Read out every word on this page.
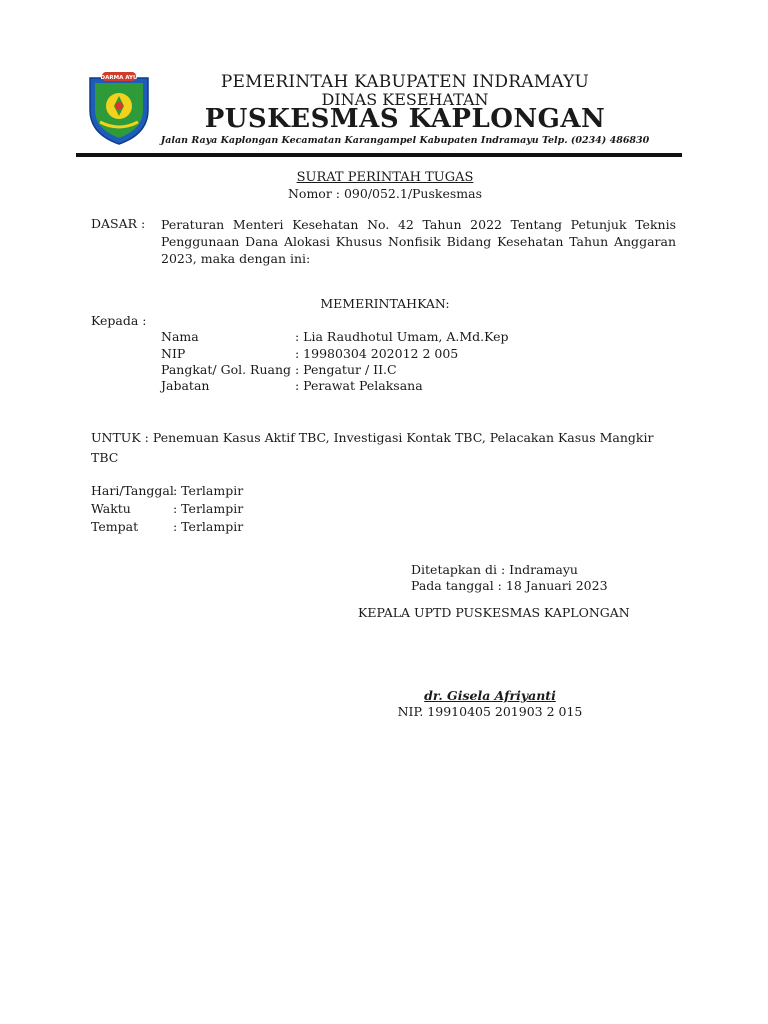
DARMA AYU	PEMERINTAH KABUPATEN INDRAMAYU
DINAS KESEHATAN
PUSKESMAS KAPLONGAN
Jalan Raya Kaplongan Kecamatan Karangampel Kabupaten Indramayu Telp. (0234) 486830
SURAT PERINTAH TUGAS
Nomor : 090/052.1/Puskesmas
DASAR : Peraturan Menteri Kesehatan No. 42 Tahun 2022 Tentang Petunjuk Teknis
Penggunaan Dana Alokasi Khusus Nonfisik Bidang Kesehatan Tahun Anggaran
2023, maka dengan ini:
MEMERINTAHKAN:
Kepada :
Nama	: Lia Raudhotul Umam, A.Md.Kep
NIP	: 19980304 202012 2 005
Pangkat/ Gol. Ruang : Pengatur / II.C
Jabatan	: Perawat Pelaksana
UNTUK : Penemuan Kasus Aktif TBC, Investigasi Kontak TBC, Pelacakan Kasus Mangkir TBC
Hari/Tanggal : Terlampir
Waktu	: Terlampir
Tempat	: Terlampir
Ditetapkan di : Indramayu
Pada tanggal : 18 Januari 2023
KEPALA UPTD PUSKESMAS KAPLONGAN
dr. Gisela Afriyanti
NIP. 19910405 201903 2 015
